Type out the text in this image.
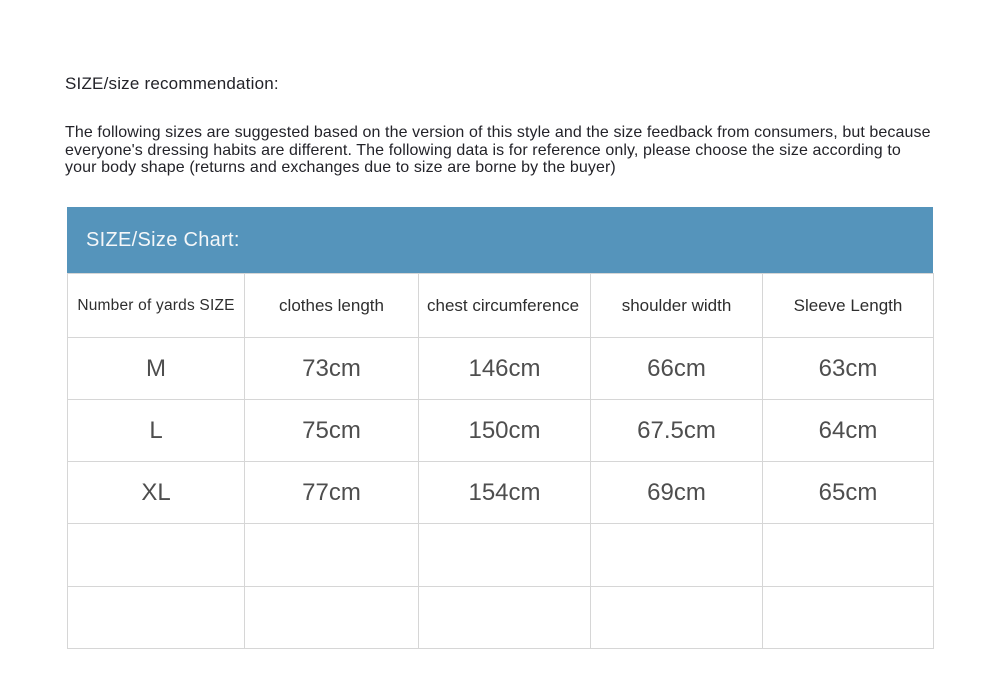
SIZE/size recommendation:
The following sizes are suggested based on the version of this style and the size feedback from consumers, but because everyone's dressing habits are different. The following data is for reference only, please choose the size according to your body shape (returns and exchanges due to size are borne by the buyer)
SIZE/Size Chart:
Number of yards SIZE	clothes length	chest circumference	shoulder width	Sleeve Length
M	73cm	146cm	66cm	63cm
L	75cm	150cm	67.5cm	64cm
XL	77cm	154cm	69cm	65cm
